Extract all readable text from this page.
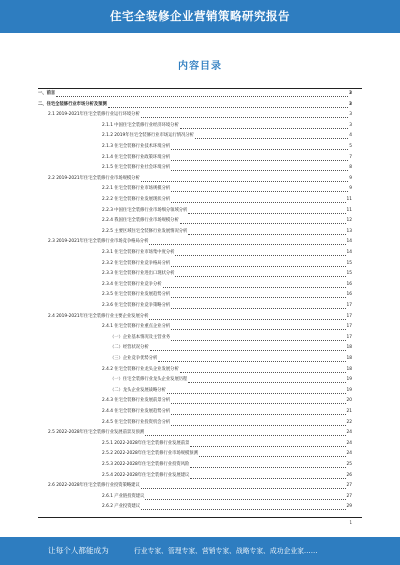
住宅全装修企业营销策略研究报告
内容目录
一、前言	3
二、住宅全装修行业市场分析及预测	3
2.1 2019-2021年住宅全装修行业运行环境分析	3
2.1.1 中国住宅全装修行业经济环境分析	3
2.1.2 2019年住宅全装修行业市场运行情况分析	4
2.1.3 住宅全装修行业技术环境分析	5
2.1.4 住宅全装修行业政策环境分析	7
2.1.5 住宅全装修行业社会环境分析	8
2.2 2019-2021年住宅全装修行业市场规模分析	9
2.2.1 住宅全装修行业市场规模分析	9
2.2.2 住宅全装修行业发展现状分析	11
2.2.3 中国住宅全装修行业市场细分领域分析	11
2.2.4 我国住宅全装修行业市场规模分析	12
2.2.5 主要区域住宅全装修行业发展情况分析	13
2.3 2019-2021年住宅全装修行业市场竞争格局分析	14
2.3.1 住宅全装修行业市场集中度分析	14
2.3.2 住宅全装修行业竞争格局分析	15
2.3.3 住宅全装修行业进出口现状分析	15
2.3.4 住宅全装修行业竞争分析	16
2.3.5 住宅全装修行业发展趋势分析	16
2.3.6 住宅全装修行业竞争策略分析	17
2.4 2019-2021年住宅全装修行业主要企业发展分析	17
2.4.1 住宅全装修行业重点企业分析	17
（一）企业基本情况及主营业务	17
（二）经营状况分析	18
（三）企业竞争优势分析	18
2.4.2 住宅全装修行业龙头企业发展分析	18
（一）住宅全装修行业龙头企业发展历程	19
（二）龙头企业发展战略分析	19
2.4.3 住宅全装修行业发展前景分析	20
2.4.4 住宅全装修行业发展趋势分析	21
2.4.5 住宅全装修行业投资机会分析	22
2.5 2022-2028年住宅全装修行业发展前景及预测	24
2.5.1 2022-2028年住宅全装修行业发展前景	24
2.5.2 2022-2028年住宅全装修行业市场规模预测	24
2.5.3 2022-2028年住宅全装修行业投资风险	25
2.5.4 2022-2028年住宅全装修行业发展建议	26
2.6 2022-2028年住宅全装修行业投资策略建议	27
2.6.1 产业链投资建议	27
2.6.2 产业投资建议	29
1
让每个人都能成为	行业专家、管理专家、营销专家、战略专家、成功企业家……
